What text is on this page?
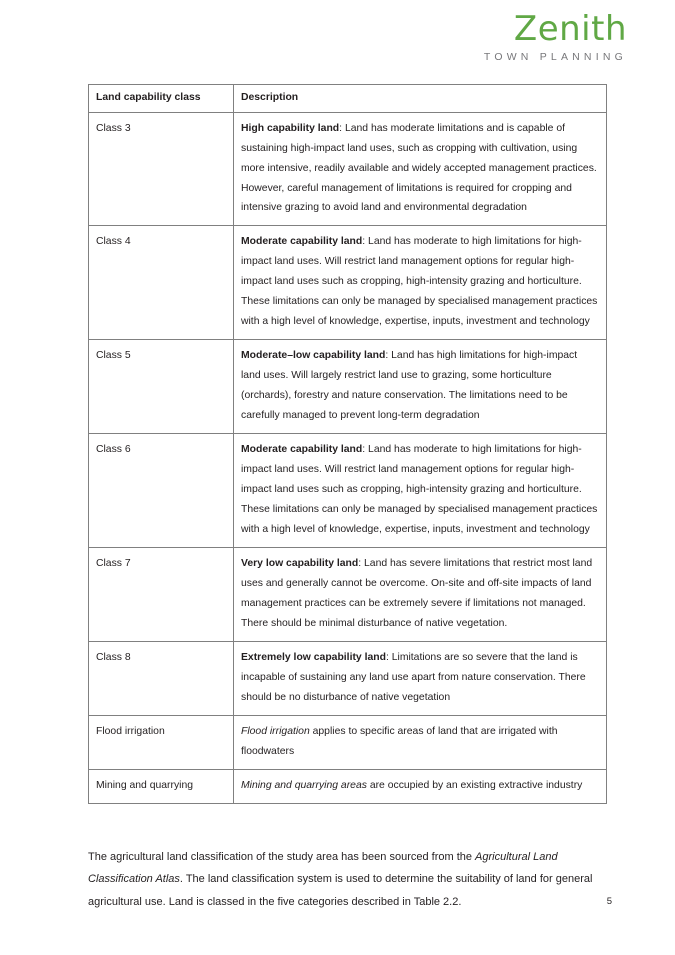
Zenith
TOWN PLANNING
Land capability class	Description
Class 3	High capability land: Land has moderate limitations and is capable of sustaining high-impact land uses, such as cropping with cultivation, using more intensive, readily available and widely accepted management practices. However, careful management of limitations is required for cropping and intensive grazing to avoid land and environmental degradation
Class 4	Moderate capability land: Land has moderate to high limitations for high-impact land uses. Will restrict land management options for regular high-impact land uses such as cropping, high-intensity grazing and horticulture. These limitations can only be managed by specialised management practices with a high level of knowledge, expertise, inputs, investment and technology
Class 5	Moderate–low capability land: Land has high limitations for high-impact land uses. Will largely restrict land use to grazing, some horticulture (orchards), forestry and nature conservation. The limitations need to be carefully managed to prevent long-term degradation
Class 6	Moderate capability land: Land has moderate to high limitations for high-impact land uses. Will restrict land management options for regular high-impact land uses such as cropping, high-intensity grazing and horticulture. These limitations can only be managed by specialised management practices with a high level of knowledge, expertise, inputs, investment and technology
Class 7	Very low capability land: Land has severe limitations that restrict most land uses and generally cannot be overcome. On-site and off-site impacts of land management practices can be extremely severe if limitations not managed. There should be minimal disturbance of native vegetation.
Class 8	Extremely low capability land: Limitations are so severe that the land is incapable of sustaining any land use apart from nature conservation. There should be no disturbance of native vegetation
Flood irrigation	Flood irrigation applies to specific areas of land that are irrigated with floodwaters
Mining and quarrying	Mining and quarrying areas are occupied by an existing extractive industry

The agricultural land classification of the study area has been sourced from the Agricultural Land Classification Atlas. The land classification system is used to determine the suitability of land for general agricultural use. Land is classed in the five categories described in Table 2.2.	5
